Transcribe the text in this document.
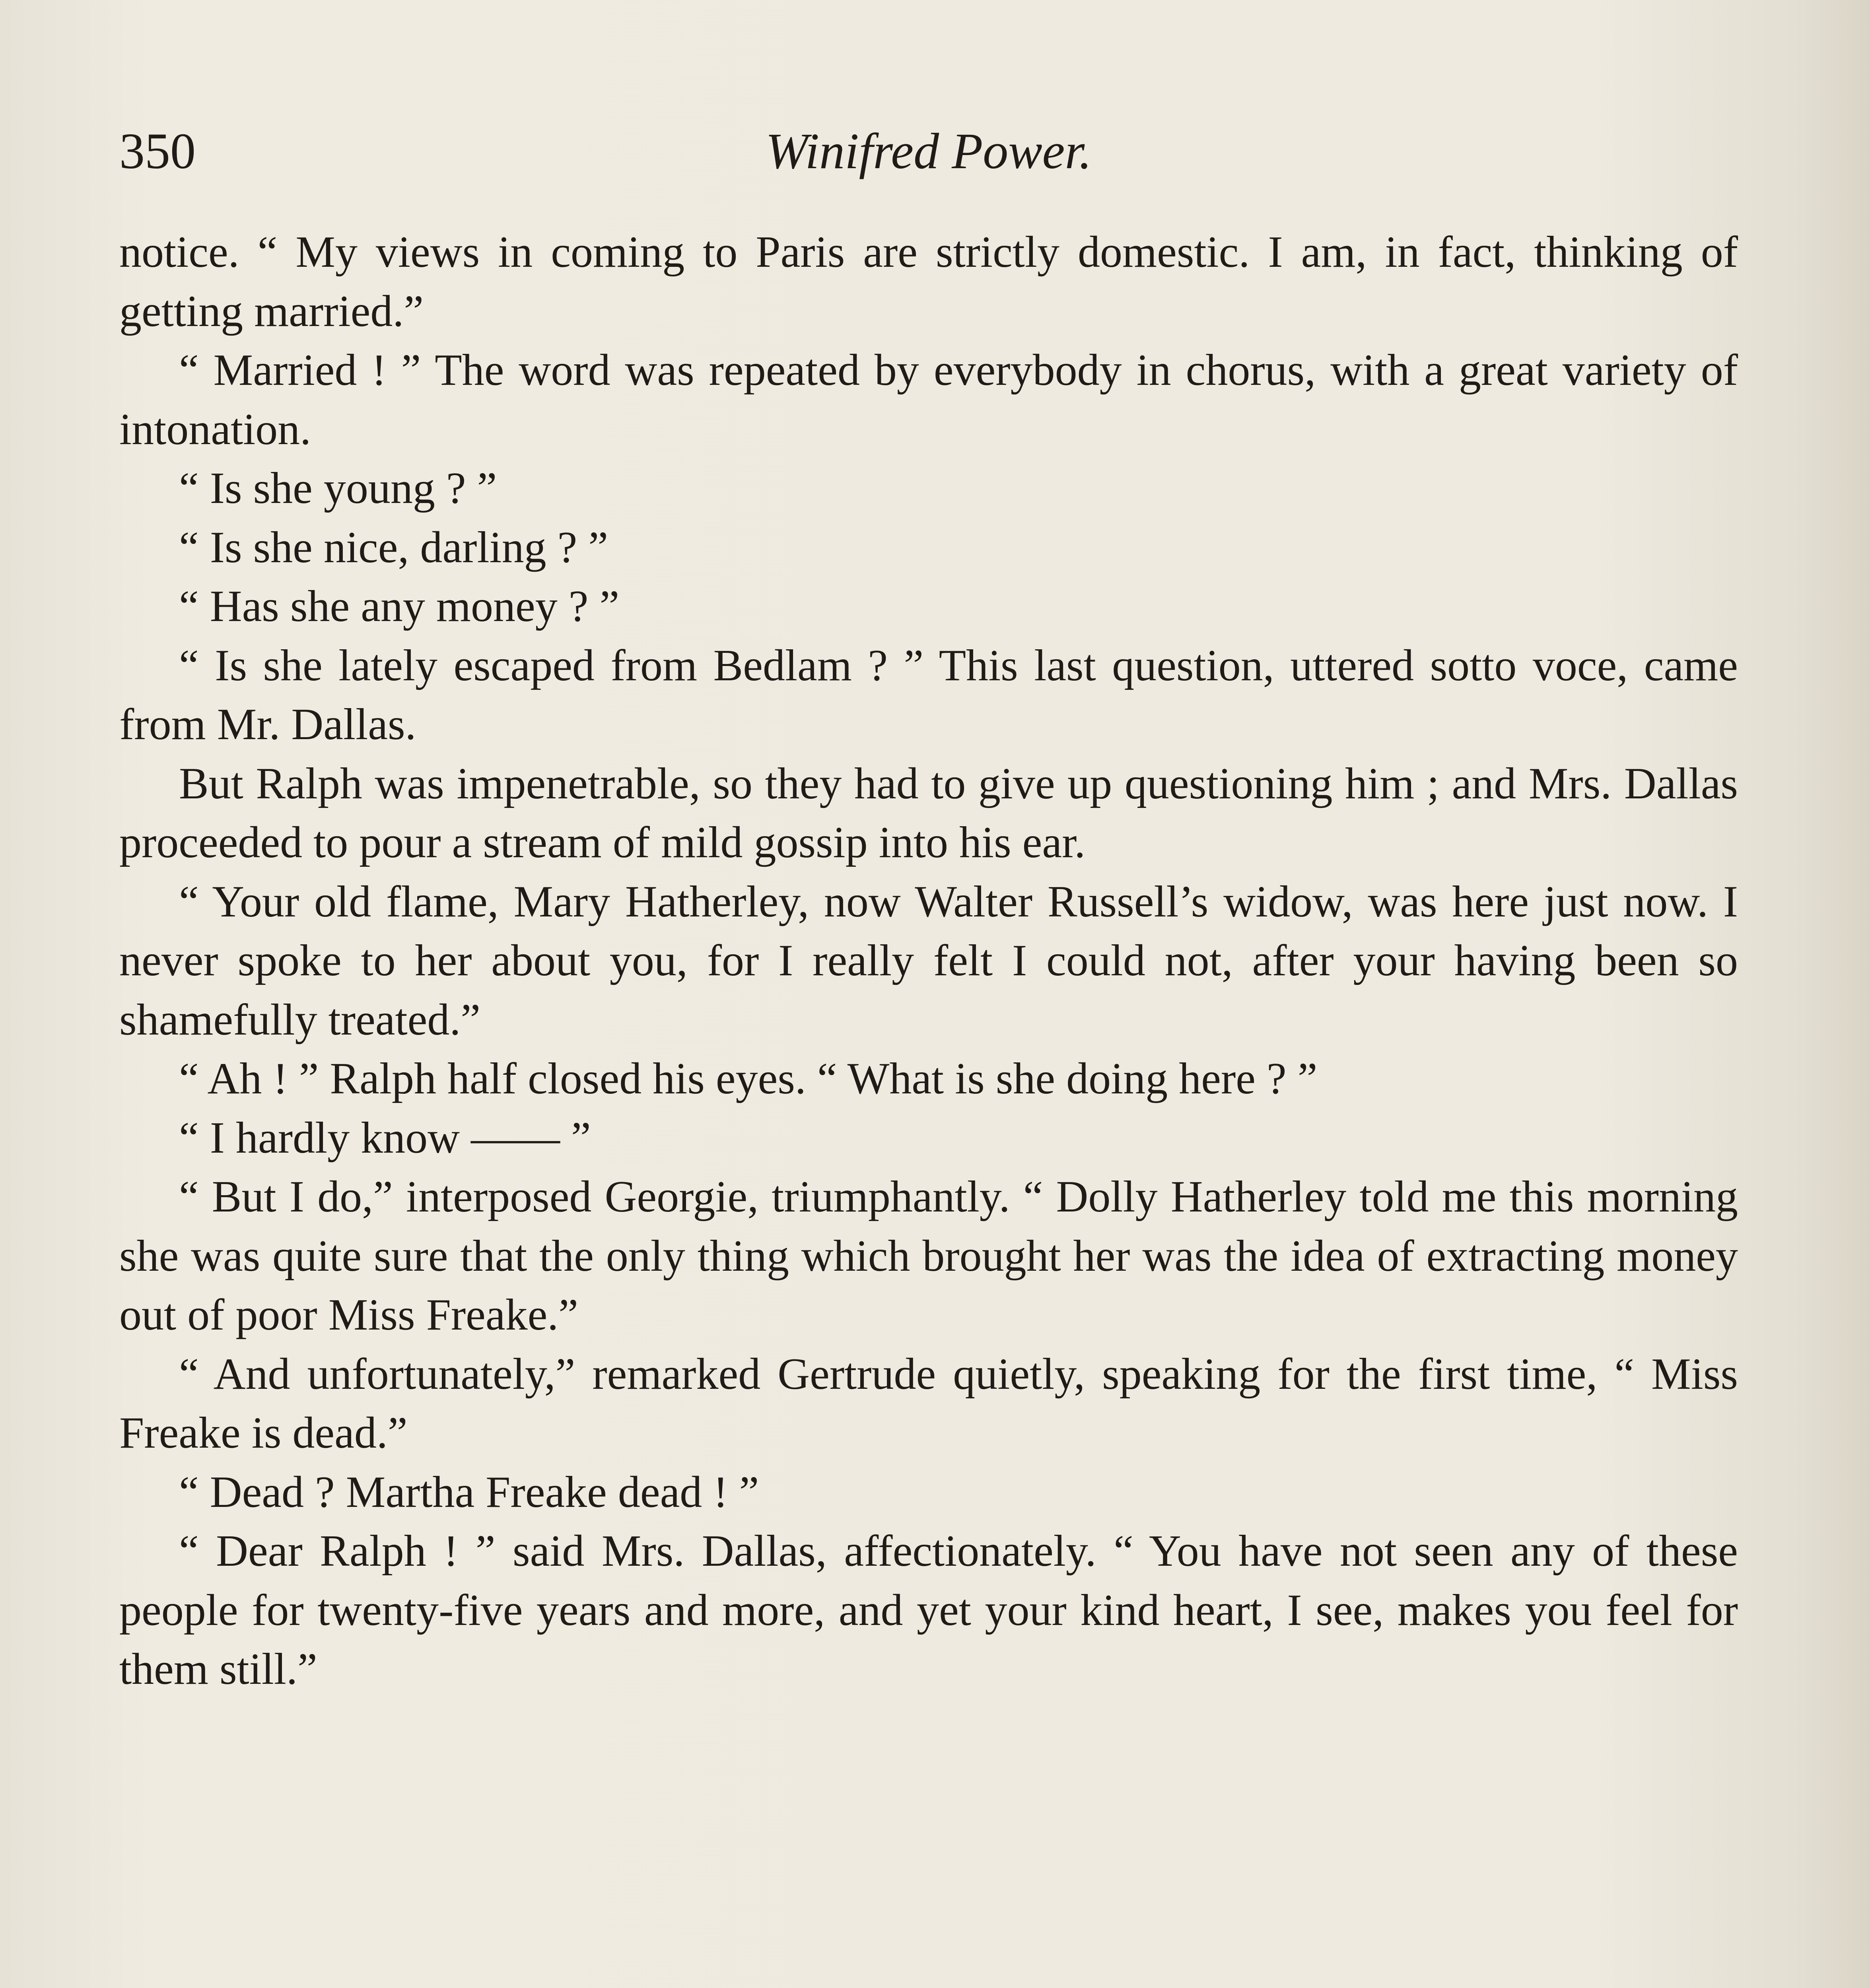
350	Winifred Power.

notice. “ My views in coming to Paris are strictly domestic. I am, in fact, thinking of getting married.”

“ Married ! ” The word was repeated by everybody in chorus, with a great variety of intonation.

“ Is she young ? ”

“ Is she nice, darling ? ”

“ Has she any money ? ”

“ Is she lately escaped from Bedlam ? ” This last question, uttered sotto voce, came from Mr. Dallas.

But Ralph was impenetrable, so they had to give up questioning him ; and Mrs. Dallas proceeded to pour a stream of mild gossip into his ear.

“ Your old flame, Mary Hatherley, now Walter Russell’s widow, was here just now. I never spoke to her about you, for I really felt I could not, after your having been so shamefully treated.”

“ Ah ! ” Ralph half closed his eyes. “ What is she doing here ? ”

“ I hardly know —— ”

“ But I do,” interposed Georgie, triumphantly. “ Dolly Hatherley told me this morning she was quite sure that the only thing which brought her was the idea of extracting money out of poor Miss Freake.”

“ And unfortunately,” remarked Gertrude quietly, speaking for the first time, “ Miss Freake is dead.”

“ Dead ? Martha Freake dead ! ”

“ Dear Ralph ! ” said Mrs. Dallas, affectionately. “ You have not seen any of these people for twenty-five years and more, and yet your kind heart, I see, makes you feel for them still.”
